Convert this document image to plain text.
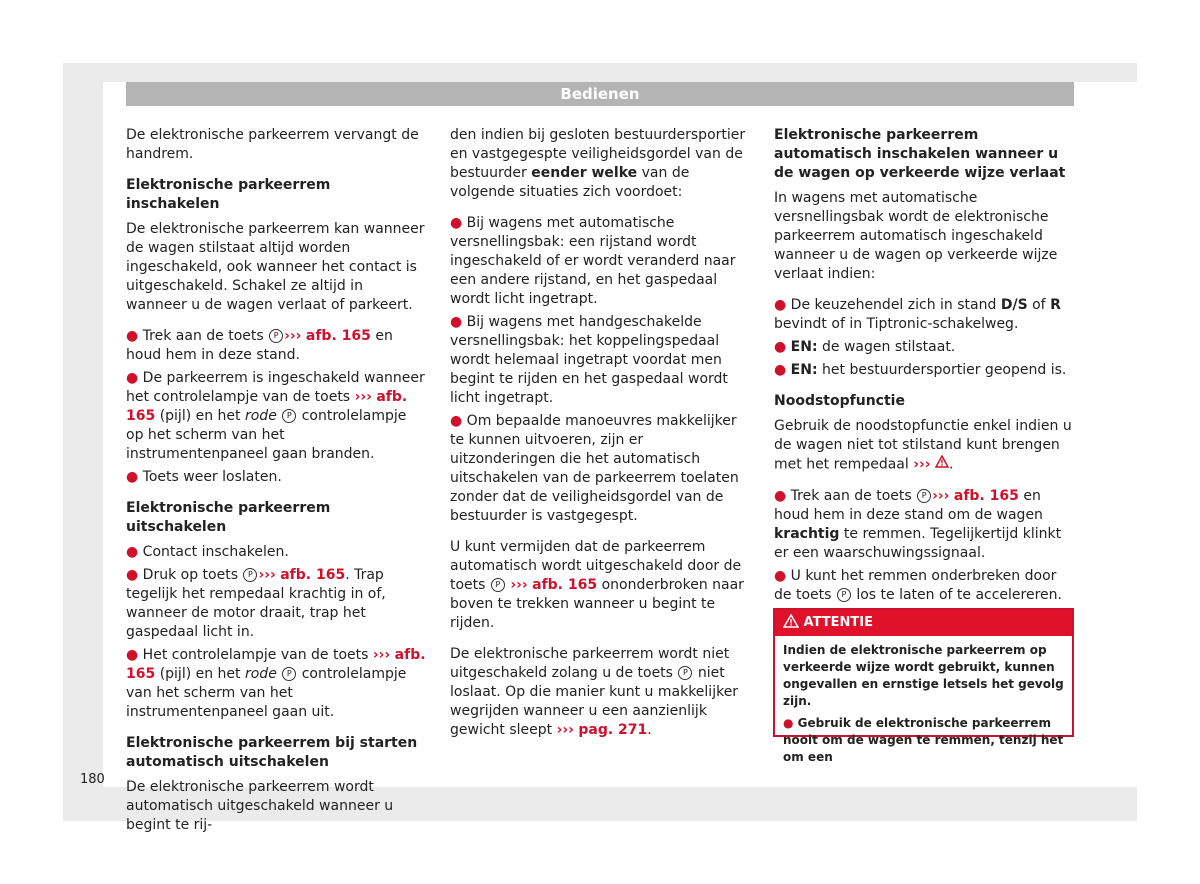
Bedienen

De elektronische parkeerrem vervangt de handrem.

Elektronische parkeerrem inschakelen

De elektronische parkeerrem kan wanneer de wagen stilstaat altijd worden ingeschakeld, ook wanneer het contact is uitgeschakeld. Schakel ze altijd in wanneer u de wagen verlaat of parkeert.

● Trek aan de toets P ››› afb. 165 en houd hem in deze stand.

● De parkeerrem is ingeschakeld wanneer het controlelampje van de toets ››› afb. 165 (pijl) en het rode P controlelampje op het scherm van het instrumentenpaneel gaan branden.

● Toets weer loslaten.

Elektronische parkeerrem uitschakelen

● Contact inschakelen.

● Druk op toets P ››› afb. 165. Trap tegelijk het rempedaal krachtig in of, wanneer de motor draait, trap het gaspedaal licht in.

● Het controlelampje van de toets ››› afb. 165 (pijl) en het rode P controlelampje van het scherm van het instrumentenpaneel gaan uit.

Elektronische parkeerrem bij starten automatisch uitschakelen

De elektronische parkeerrem wordt automatisch uitgeschakeld wanneer u begint te rij-

den indien bij gesloten bestuurdersportier en vastgegespte veiligheidsgordel van de bestuurder eender welke van de volgende situaties zich voordoet:

● Bij wagens met automatische versnellingsbak: een rijstand wordt ingeschakeld of er wordt veranderd naar een andere rijstand, en het gaspedaal wordt licht ingetrapt.

● Bij wagens met handgeschakelde versnellingsbak: het koppelingspedaal wordt helemaal ingetrapt voordat men begint te rijden en het gaspedaal wordt licht ingetrapt.

● Om bepaalde manoeuvres makkelijker te kunnen uitvoeren, zijn er uitzonderingen die het automatisch uitschakelen van de parkeerrem toelaten zonder dat de veiligheidsgordel van de bestuurder is vastgegespt.

U kunt vermijden dat de parkeerrem automatisch wordt uitgeschakeld door de toets P ››› afb. 165 ononderbroken naar boven te trekken wanneer u begint te rijden.

De elektronische parkeerrem wordt niet uitgeschakeld zolang u de toets P niet loslaat. Op die manier kunt u makkelijker wegrijden wanneer u een aanzienlijk gewicht sleept ››› pag. 271.

Elektronische parkeerrem automatisch inschakelen wanneer u de wagen op verkeerde wijze verlaat

In wagens met automatische versnellingsbak wordt de elektronische parkeerrem automatisch ingeschakeld wanneer u de wagen op verkeerde wijze verlaat indien:

● De keuzehendel zich in stand D/S of R bevindt of in Tiptronic-schakelweg.

● EN: de wagen stilstaat.

● EN: het bestuurdersportier geopend is.

Noodstopfunctie

Gebruik de noodstopfunctie enkel indien u de wagen niet tot stilstand kunt brengen met het rempedaal ››› .

● Trek aan de toets P ››› afb. 165 en houd hem in deze stand om de wagen krachtig te remmen. Tegelijkertijd klinkt er een waarschuwingssignaal.

● U kunt het remmen onderbreken door de toets P los te laten of te accelereren.

ATTENTIE
Indien de elektronische parkeerrem op verkeerde wijze wordt gebruikt, kunnen ongevallen en ernstige letsels het gevolg zijn.
● Gebruik de elektronische parkeerrem nooit om de wagen te remmen, tenzij het om een
180
